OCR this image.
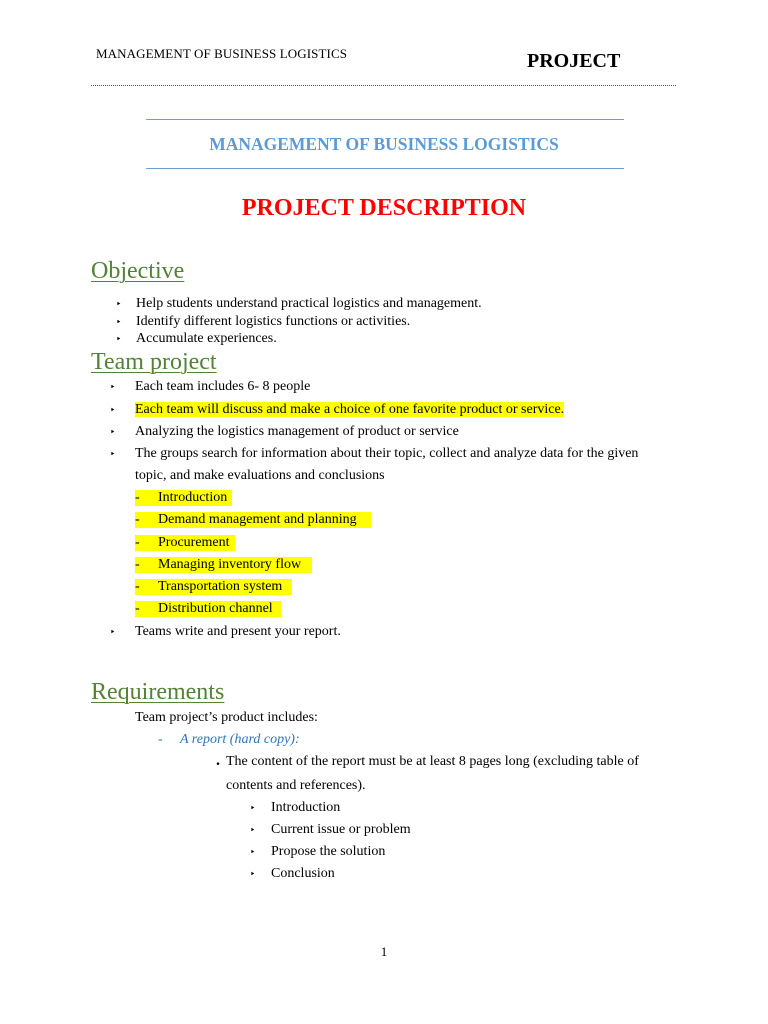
MANAGEMENT OF BUSINESS LOGISTICS	PROJECT
MANAGEMENT OF BUSINESS LOGISTICS
PROJECT DESCRIPTION
Objective
‣ Help students understand practical logistics and management.
‣ Identify different logistics functions or activities.
‣ Accumulate experiences.
Team project
‣ Each team includes 6- 8 people
‣ Each team will discuss and make a choice of one favorite product or service.
‣ Analyzing the logistics management of product or service
‣ The groups search for information about their topic, collect and analyze data for the given
topic, and make evaluations and conclusions
- Introduction
- Demand management and planning
- Procurement
- Managing inventory flow
- Transportation system
- Distribution channel
‣ Teams write and present your report.
Requirements
Team project’s product includes:
- A report (hard copy):
. The content of the report must be at least 8 pages long (excluding table of
contents and references).
‣ Introduction
‣ Current issue or problem
‣ Propose the solution
‣ Conclusion
1
